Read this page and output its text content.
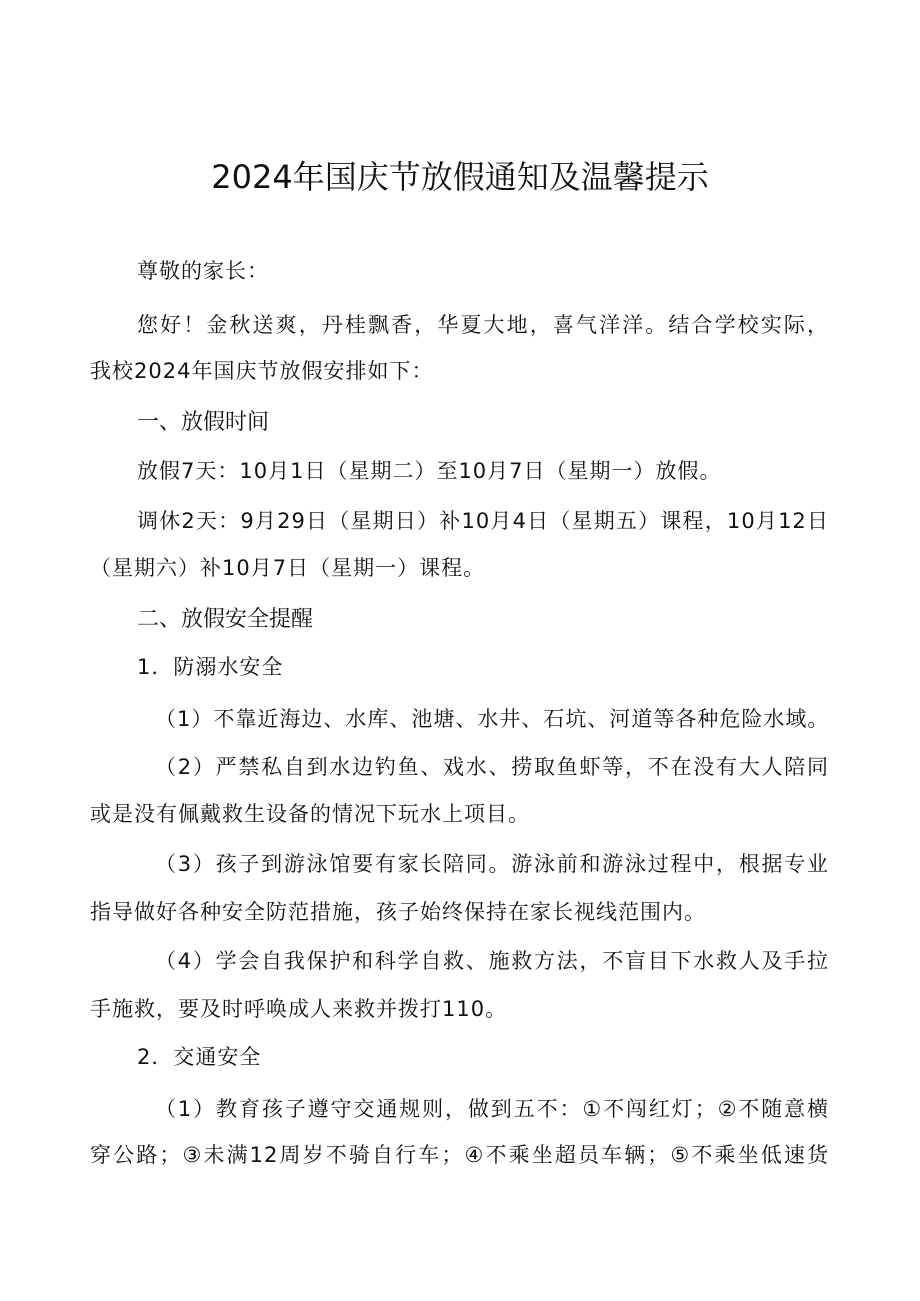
2024年国庆节放假通知及温馨提示
尊敬的家长：
您好！金秋送爽，丹桂飘香，华夏大地，喜气洋洋。结合学校实际，
我校2024年国庆节放假安排如下：
一、放假时间
放假7天：10月1日（星期二）至10月7日（星期一）放假。
调休2天：9月29日（星期日）补10月4日（星期五）课程，10月12日
（星期六）补10月7日（星期一）课程。
二、放假安全提醒
1．防溺水安全
（1）不靠近海边、水库、池塘、水井、石坑、河道等各种危险水域。
（2）严禁私自到水边钓鱼、戏水、捞取鱼虾等，不在没有大人陪同
或是没有佩戴救生设备的情况下玩水上项目。
（3）孩子到游泳馆要有家长陪同。游泳前和游泳过程中，根据专业
指导做好各种安全防范措施，孩子始终保持在家长视线范围内。
（4）学会自我保护和科学自救、施救方法，不盲目下水救人及手拉
手施救，要及时呼唤成人来救并拨打110。
2．交通安全
（1）教育孩子遵守交通规则，做到五不：①不闯红灯；②不随意横
穿公路；③未满12周岁不骑自行车；④不乘坐超员车辆；⑤不乘坐低速货
